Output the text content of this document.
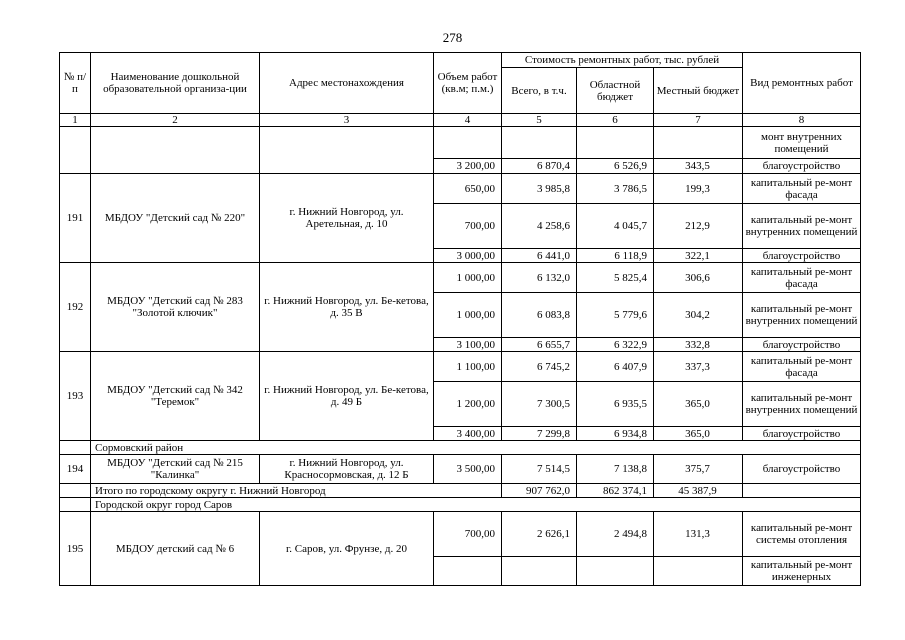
278
№ п/п	Наименование дошкольной образовательной организа-ции	Адрес местонахождения	Объем работ (кв.м; п.м.)	Стоимость ремонтных работ, тыс. рублей			Вид ремонтных работ
				Всего, в т.ч.	Областной бюджет	Местный бюджет	
1	2	3	4	5	6	7	8
							монт внутренних помещений
			3 200,00	6 870,4	6 526,9	343,5	благоустройство
191	МБДОУ "Детский сад № 220"	г. Нижний Новгород, ул. Аретельная, д. 10	650,00	3 985,8	3 786,5	199,3	капитальный ре-монт фасада
			700,00	4 258,6	4 045,7	212,9	капитальный ре-монт внутренних помещений
			3 000,00	6 441,0	6 118,9	322,1	благоустройство
192	МБДОУ "Детский сад № 283 "Золотой ключик"	г. Нижний Новгород, ул. Бе-кетова, д. 35 В	1 000,00	6 132,0	5 825,4	306,6	капитальный ре-монт фасада
			1 000,00	6 083,8	5 779,6	304,2	капитальный ре-монт внутренних помещений
			3 100,00	6 655,7	6 322,9	332,8	благоустройство
193	МБДОУ "Детский сад № 342 "Теремок"	г. Нижний Новгород, ул. Бе-кетова, д. 49 Б	1 100,00	6 745,2	6 407,9	337,3	капитальный ре-монт фасада
			1 200,00	7 300,5	6 935,5	365,0	капитальный ре-монт внутренних помещений
			3 400,00	7 299,8	6 934,8	365,0	благоустройство
	Сормовский район						
194	МБДОУ "Детский сад № 215 "Калинка"	г. Нижний Новгород, ул. Красносормовская, д. 12 Б	3 500,00	7 514,5	7 138,8	375,7	благоустройство
	Итого по городскому округу г. Нижний Новгород			907 762,0	862 374,1	45 387,9	
	Городской округ город Саров						
195	МБДОУ детский сад № 6	г. Саров, ул. Фрунзе, д. 20	700,00	2 626,1	2 494,8	131,3	капитальный ре-монт системы отопления
							капитальный ре-монт инженерных
